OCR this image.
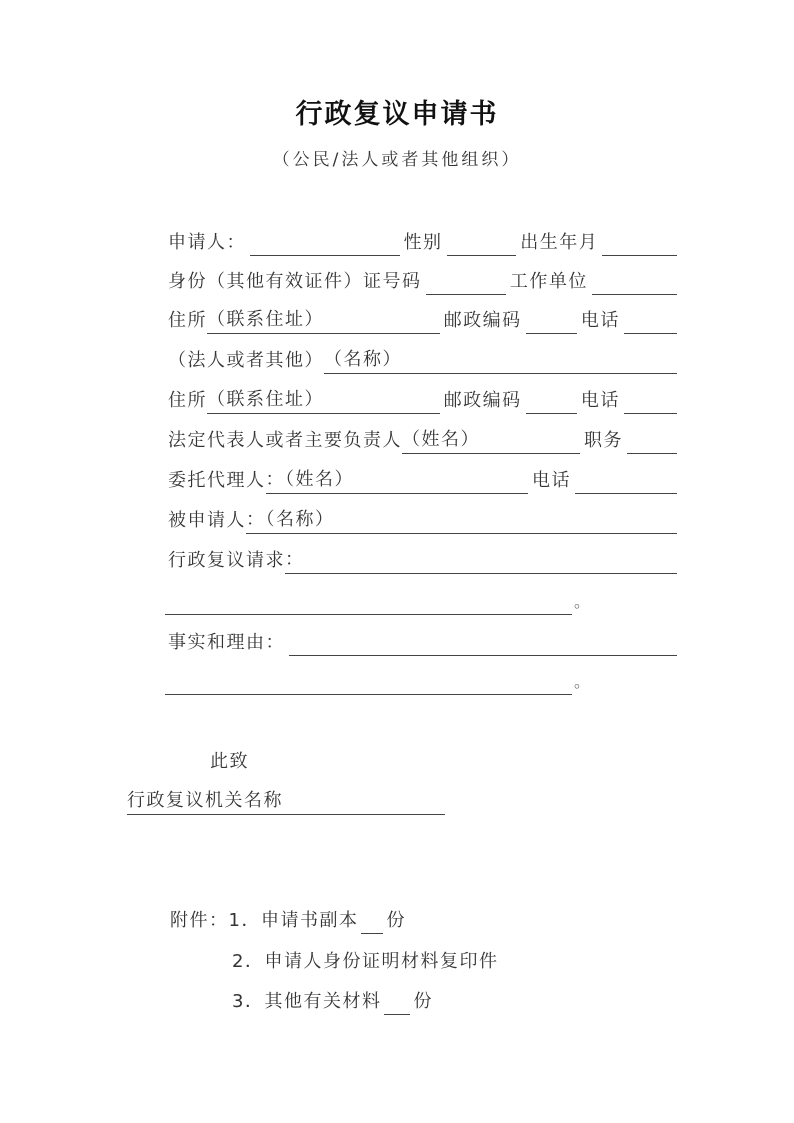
行政复议申请书
（公民/法人或者其他组织）
申请人：	性别	出生年月
身份（其他有效证件）证号码	工作单位
住所 （联系住址）	邮政编码	电话
（法人或者其他） （名称）
住所 （联系住址）	邮政编码	电话
法定代表人或者主要负责人 （姓名）	职务
委托代理人 ：（姓名）	电话
被申请人 ：（名称）
行政复议请求 ：
。
事实和理由：
。
此致
行政复议机关名称
附件：1．申请书副本 份
2．申请人身份证明材料复印件
3．其他有关材料 份
